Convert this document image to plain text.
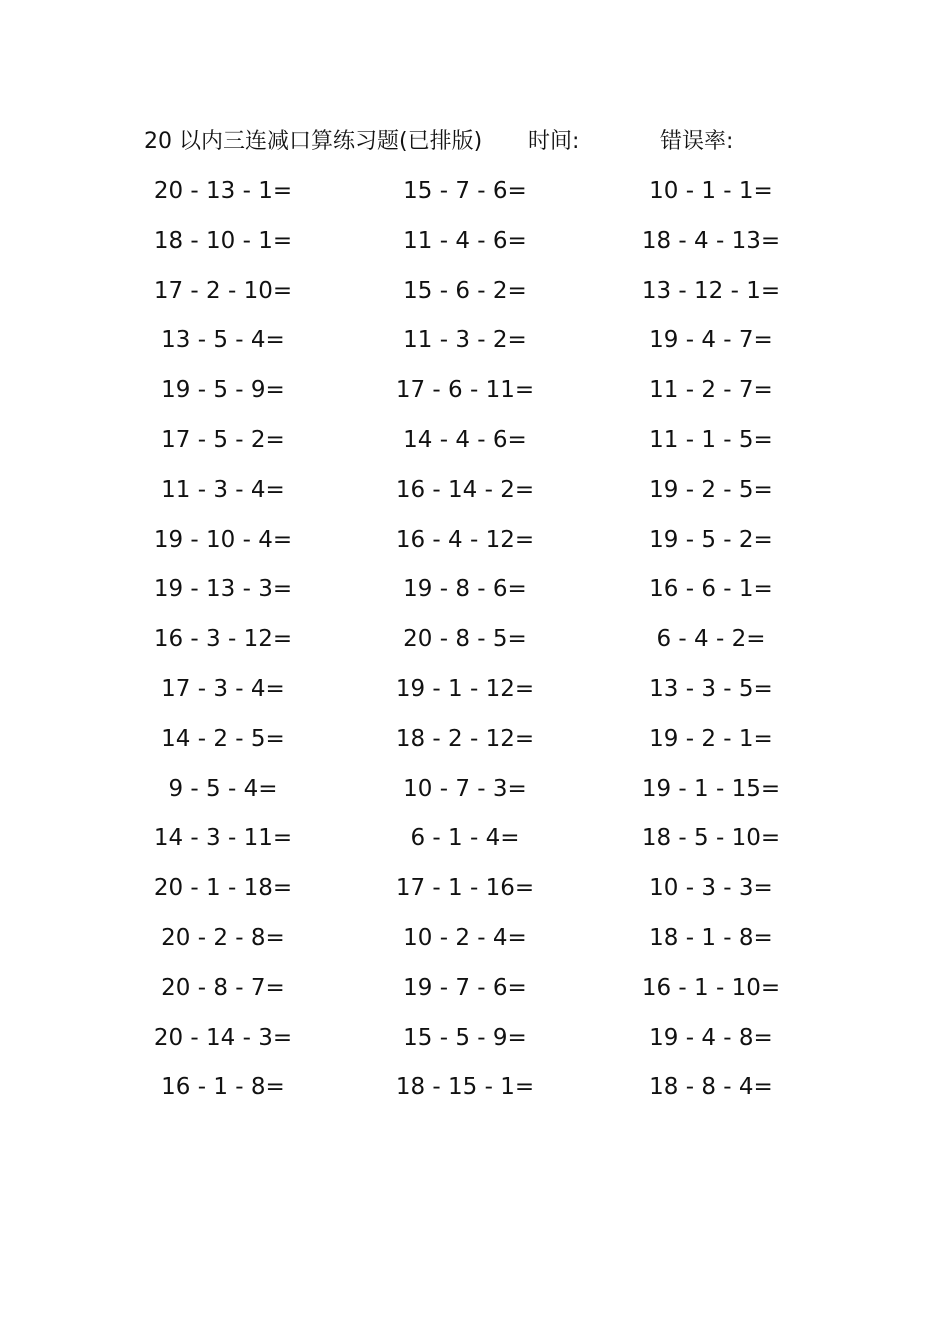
20 以内三连减口算练习题(已排版) 时间:	错误率:
20 - 13 - 1=	15 - 7 - 6=	10 - 1 - 1=
18 - 10 - 1=	11 - 4 - 6=	18 - 4 - 13=
17 - 2 - 10=	15 - 6 - 2=	13 - 12 - 1=
13 - 5 - 4=	11 - 3 - 2=	19 - 4 - 7=
19 - 5 - 9=	17 - 6 - 11=	11 - 2 - 7=
17 - 5 - 2=	14 - 4 - 6=	11 - 1 - 5=
11 - 3 - 4=	16 - 14 - 2=	19 - 2 - 5=
19 - 10 - 4=	16 - 4 - 12=	19 - 5 - 2=
19 - 13 - 3=	19 - 8 - 6=	16 - 6 - 1=
16 - 3 - 12=	20 - 8 - 5=	6 - 4 - 2=
17 - 3 - 4=	19 - 1 - 12=	13 - 3 - 5=
14 - 2 - 5=	18 - 2 - 12=	19 - 2 - 1=
9 - 5 - 4=	10 - 7 - 3=	19 - 1 - 15=
14 - 3 - 11=	6 - 1 - 4=	18 - 5 - 10=
20 - 1 - 18=	17 - 1 - 16=	10 - 3 - 3=
20 - 2 - 8=	10 - 2 - 4=	18 - 1 - 8=
20 - 8 - 7=	19 - 7 - 6=	16 - 1 - 10=
20 - 14 - 3=	15 - 5 - 9=	19 - 4 - 8=
16 - 1 - 8=	18 - 15 - 1=	18 - 8 - 4=
